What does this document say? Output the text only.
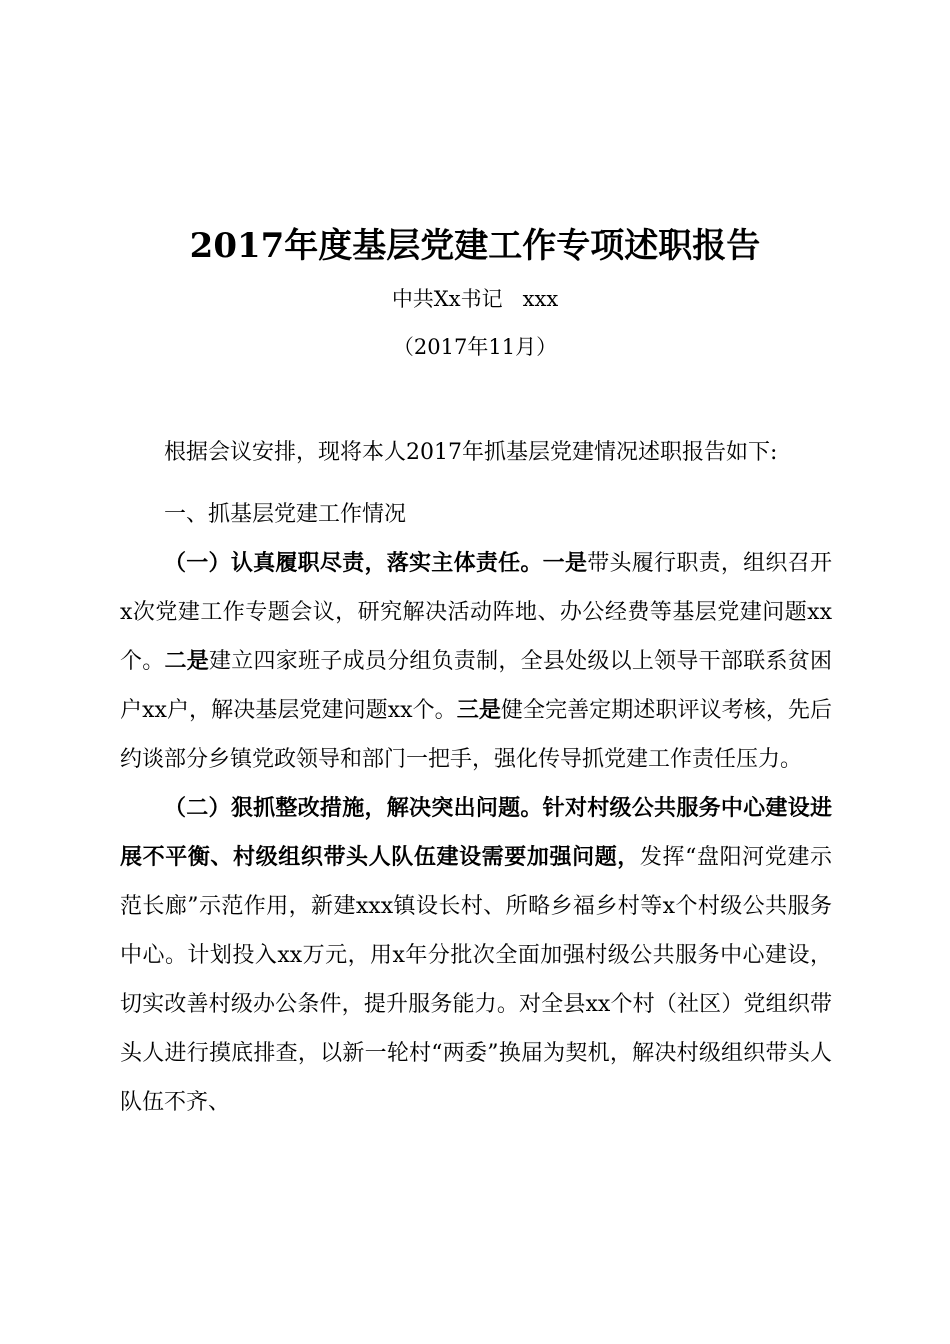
2017年度基层党建工作专项述职报告
中共Xx书记   xxx
（2017年11月）

根据会议安排，现将本人2017年抓基层党建情况述职报告如下:

一、抓基层党建工作情况

（一）认真履职尽责，落实主体责任。一是带头履行职责，组织召开x次党建工作专题会议，研究解决活动阵地、办公经费等基层党建问题xx个。二是建立四家班子成员分组负责制，全县处级以上领导干部联系贫困户xx户，解决基层党建问题xx个。三是健全完善定期述职评议考核，先后约谈部分乡镇党政领导和部门一把手，强化传导抓党建工作责任压力。

（二）狠抓整改措施，解决突出问题。针对村级公共服务中心建设进展不平衡、村级组织带头人队伍建设需要加强问题，发挥“盘阳河党建示范长廊”示范作用，新建xxx镇设长村、所略乡福乡村等x个村级公共服务中心。计划投入xx万元，用x年分批次全面加强村级公共服务中心建设，切实改善村级办公条件，提升服务能力。对全县xx个村（社区）党组织带头人进行摸底排查，以新一轮村“两委”换届为契机，解决村级组织带头人队伍不齐、
